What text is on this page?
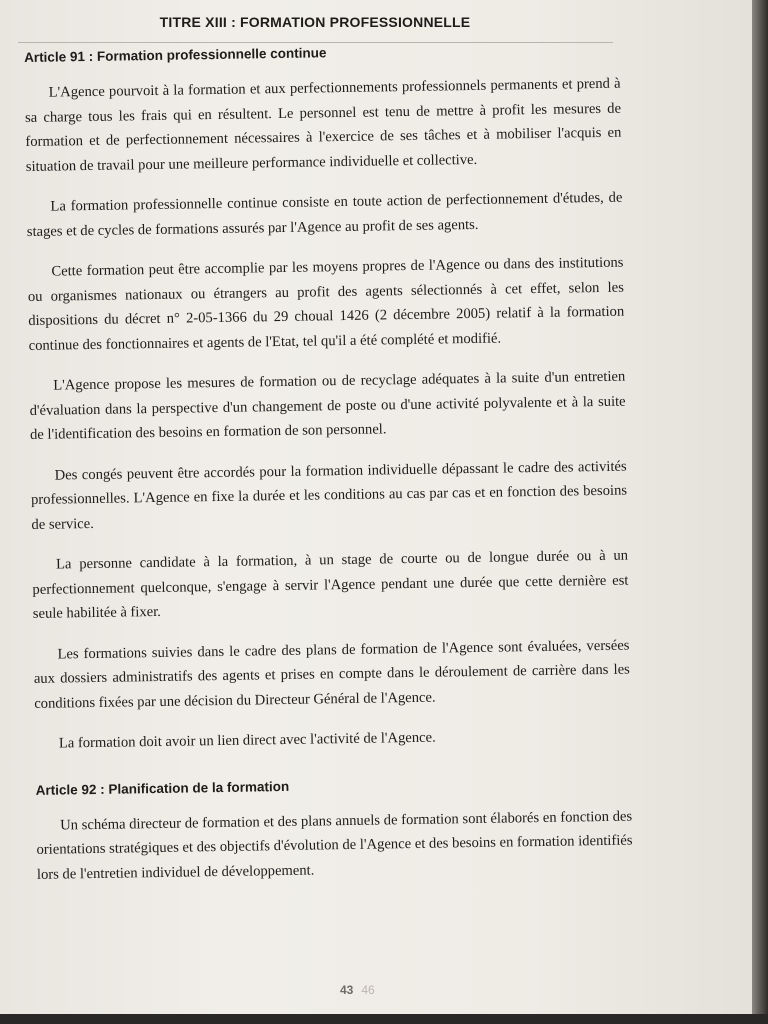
TITRE XIII : FORMATION PROFESSIONNELLE
Article 91 : Formation professionnelle continue

L'Agence pourvoit à la formation et aux perfectionnements professionnels permanents et prend à sa charge tous les frais qui en résultent. Le personnel est tenu de mettre à profit les mesures de formation et de perfectionnement nécessaires à l'exercice de ses tâches et à mobiliser l'acquis en situation de travail pour une meilleure performance individuelle et collective.

La formation professionnelle continue consiste en toute action de perfectionnement d'études, de stages et de cycles de formations assurés par l'Agence au profit de ses agents.

Cette formation peut être accomplie par les moyens propres de l'Agence ou dans des institutions ou organismes nationaux ou étrangers au profit des agents sélectionnés à cet effet, selon les dispositions du décret n° 2-05-1366 du 29 choual 1426 (2 décembre 2005) relatif à la formation continue des fonctionnaires et agents de l'Etat, tel qu'il a été complété et modifié.

L'Agence propose les mesures de formation ou de recyclage adéquates à la suite d'un entretien d'évaluation dans la perspective d'un changement de poste ou d'une activité polyvalente et à la suite de l'identification des besoins en formation de son personnel.

Des congés peuvent être accordés pour la formation individuelle dépassant le cadre des activités professionnelles. L'Agence en fixe la durée et les conditions au cas par cas et en fonction des besoins de service.

La personne candidate à la formation, à un stage de courte ou de longue durée ou à un perfectionnement quelconque, s'engage à servir l'Agence pendant une durée que cette dernière est seule habilitée à fixer.

Les formations suivies dans le cadre des plans de formation de l'Agence sont évaluées, versées aux dossiers administratifs des agents et prises en compte dans le déroulement de carrière dans les conditions fixées par une décision du Directeur Général de l'Agence.

La formation doit avoir un lien direct avec l'activité de l'Agence.

Article 92 : Planification de la formation

Un schéma directeur de formation et des plans annuels de formation sont élaborés en fonction des orientations stratégiques et des objectifs d'évolution de l'Agence et des besoins en formation identifiés lors de l'entretien individuel de développement.

43 46
